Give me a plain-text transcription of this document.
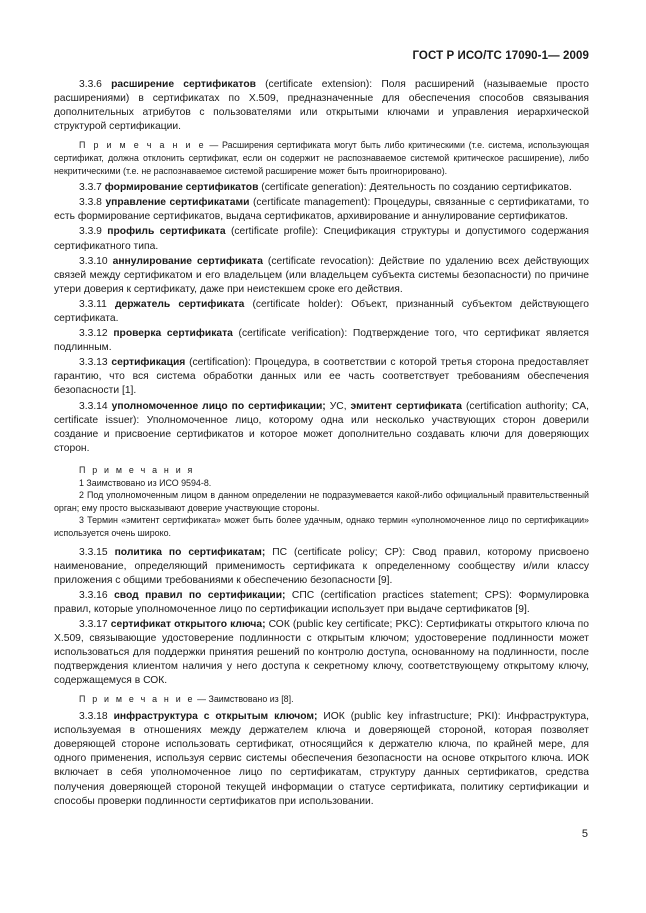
ГОСТ Р ИСО/ТС 17090-1— 2009

3.3.6 расширение сертификатов (certificate extension): Поля расширений (называемые просто расширениями) в сертификатах по X.509, предназначенные для обеспечения способов связывания дополнительных атрибутов с пользователями или открытыми ключами и управления иерархической структурой сертификации.

П р и м е ч а н и е — Расширения сертификата могут быть либо критическими (т.е. система, использующая сертификат, должна отклонить сертификат, если он содержит не распознаваемое системой критическое расширение), либо некритическими (т.е. не распознаваемое системой расширение может быть проигнорировано).

3.3.7 формирование сертификатов (certificate generation): Деятельность по созданию сертификатов.

3.3.8 управление сертификатами (certificate management): Процедуры, связанные с сертификатами, то есть формирование сертификатов, выдача сертификатов, архивирование и аннулирование сертификатов.

3.3.9 профиль сертификата (certificate profile): Спецификация структуры и допустимого содержания сертификатного типа.

3.3.10 аннулирование сертификата (certificate revocation): Действие по удалению всех действующих связей между сертификатом и его владельцем (или владельцем субъекта системы безопасности) по причине утери доверия к сертификату, даже при неистекшем сроке его действия.

3.3.11 держатель сертификата (certificate holder): Объект, признанный субъектом действующего сертификата.

3.3.12 проверка сертификата (certificate verification): Подтверждение того, что сертификат является подлинным.

3.3.13 сертификация (certification): Процедура, в соответствии с которой третья сторона предоставляет гарантию, что вся система обработки данных или ее часть соответствует требованиям обеспечения безопасности [1].

3.3.14 уполномоченное лицо по сертификации; УС, эмитент сертификата (certification authority; CA, certificate issuer): Уполномоченное лицо, которому одна или несколько участвующих сторон доверили создание и присвоение сертификатов и которое может дополнительно создавать ключи для доверяющих сторон.

П р и м е ч а н и я

1 Заимствовано из ИСО 9594-8.

2 Под уполномоченным лицом в данном определении не подразумевается какой-либо официальный правительственный орган; ему просто высказывают доверие участвующие стороны.

3 Термин «эмитент сертификата» может быть более удачным, однако термин «уполномоченное лицо по сертификации» используется очень широко.

3.3.15 политика по сертификатам; ПС (certificate policy; CP): Свод правил, которому присвоено наименование, определяющий применимость сертификата к определенному сообществу и/или классу приложения с общими требованиями к обеспечению безопасности [9].

3.3.16 свод правил по сертификации; СПС (certification practices statement; CPS): Формулировка правил, которые уполномоченное лицо по сертификации использует при выдаче сертификатов [9].

3.3.17 сертификат открытого ключа; СОК (public key certificate; PKC): Сертификаты открытого ключа по X.509, связывающие удостоверение подлинности с открытым ключом; удостоверение подлинности может использоваться для поддержки принятия решений по контролю доступа, основанному на подлинности, после подтверждения клиентом наличия у него доступа к секретному ключу, соответствующему открытому ключу, содержащемуся в СОК.

П р и м е ч а н и е — Заимствовано из [8].

3.3.18 инфраструктура с открытым ключом; ИОК (public key infrastructure; PKI): Инфраструктура, используемая в отношениях между держателем ключа и доверяющей стороной, которая позволяет доверяющей стороне использовать сертификат, относящийся к держателю ключа, по крайней мере, для одного применения, используя сервис системы обеспечения безопасности на основе открытого ключа. ИОК включает в себя уполномоченное лицо по сертификатам, структуру данных сертификатов, средства получения доверяющей стороной текущей информации о статусе сертификата, политику сертификации и способы проверки подлинности сертификатов при использовании.

5
